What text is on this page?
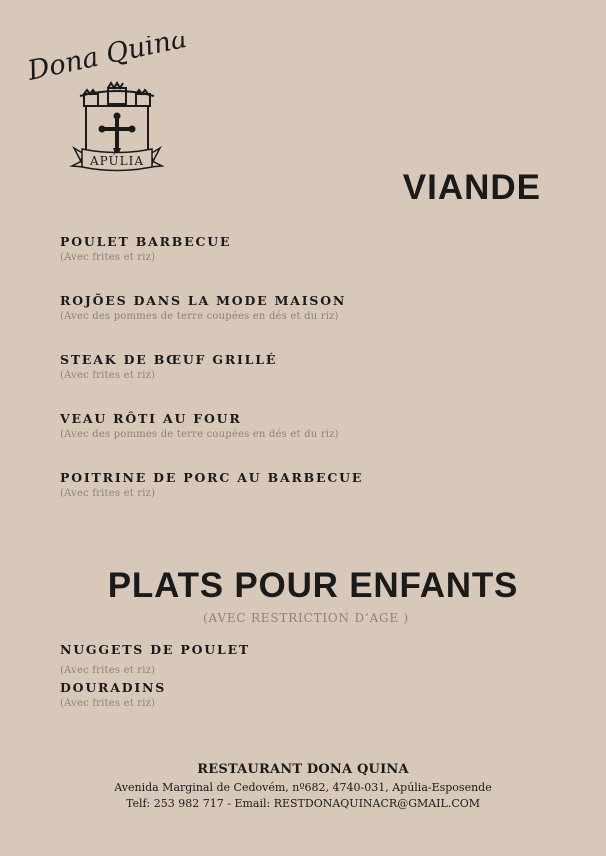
Dona Quina
APÚLIA
VIANDE
POULET BARBECUE
(Avec frites et riz)
ROJÕES DANS LA MODE MAISON
(Avec des pommes de terre coupées en dés et du riz)
STEAK DE BŒUF GRILLÉ
(Avec frites et riz)
VEAU RÔTI AU FOUR
(Avec des pommes de terre coupées en dés et du riz)
POITRINE DE PORC AU BARBECUE
(Avec frites et riz)
PLATS POUR ENFANTS
(AVEC RESTRICTION D’AGE )
NUGGETS DE POULET
(Avec frites et riz)
DOURADINS
(Avec frites et riz)
RESTAURANT DONA QUINA
Avenida Marginal de Cedovém, nº682, 4740-031, Apúlia-Esposende
Telf: 253 982 717 - Email: RESTDONAQUINACR@GMAIL.COM
